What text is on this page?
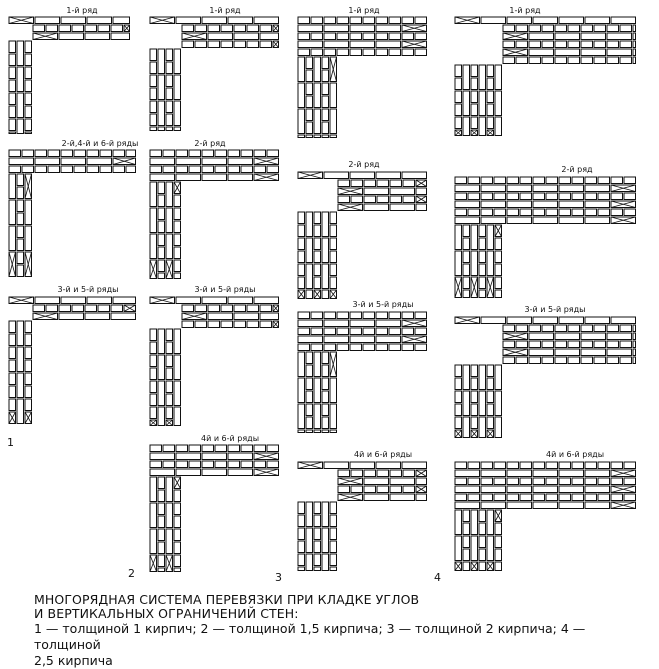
1-й ряд	1-й ряд	1-й ряд	1-й ряд
2-й,4-й и 6-й ряды	2-й ряд
2-й ряд
2-й ряд
3-й и 5-й ряды	3-й и 5-й ряды
3-й и 5-й ряды
3-й и 5-й ряды
4й и 6-й ряды
4й и 6-й ряды	4й и 6-й ряды
1
2	3	4
МНОГОРЯДНАЯ СИСТЕМА ПЕРЕВЯЗКИ ПРИ КЛАДКЕ УГЛОВ
И ВЕРТИКАЛЬНЫХ ОГРАНИЧЕНИЙ СТЕН:
1 — толщиной 1 кирпич; 2 — толщиной 1,5 кирпича; 3 — толщиной 2 кирпича; 4 — толщиной
2,5 кирпича
